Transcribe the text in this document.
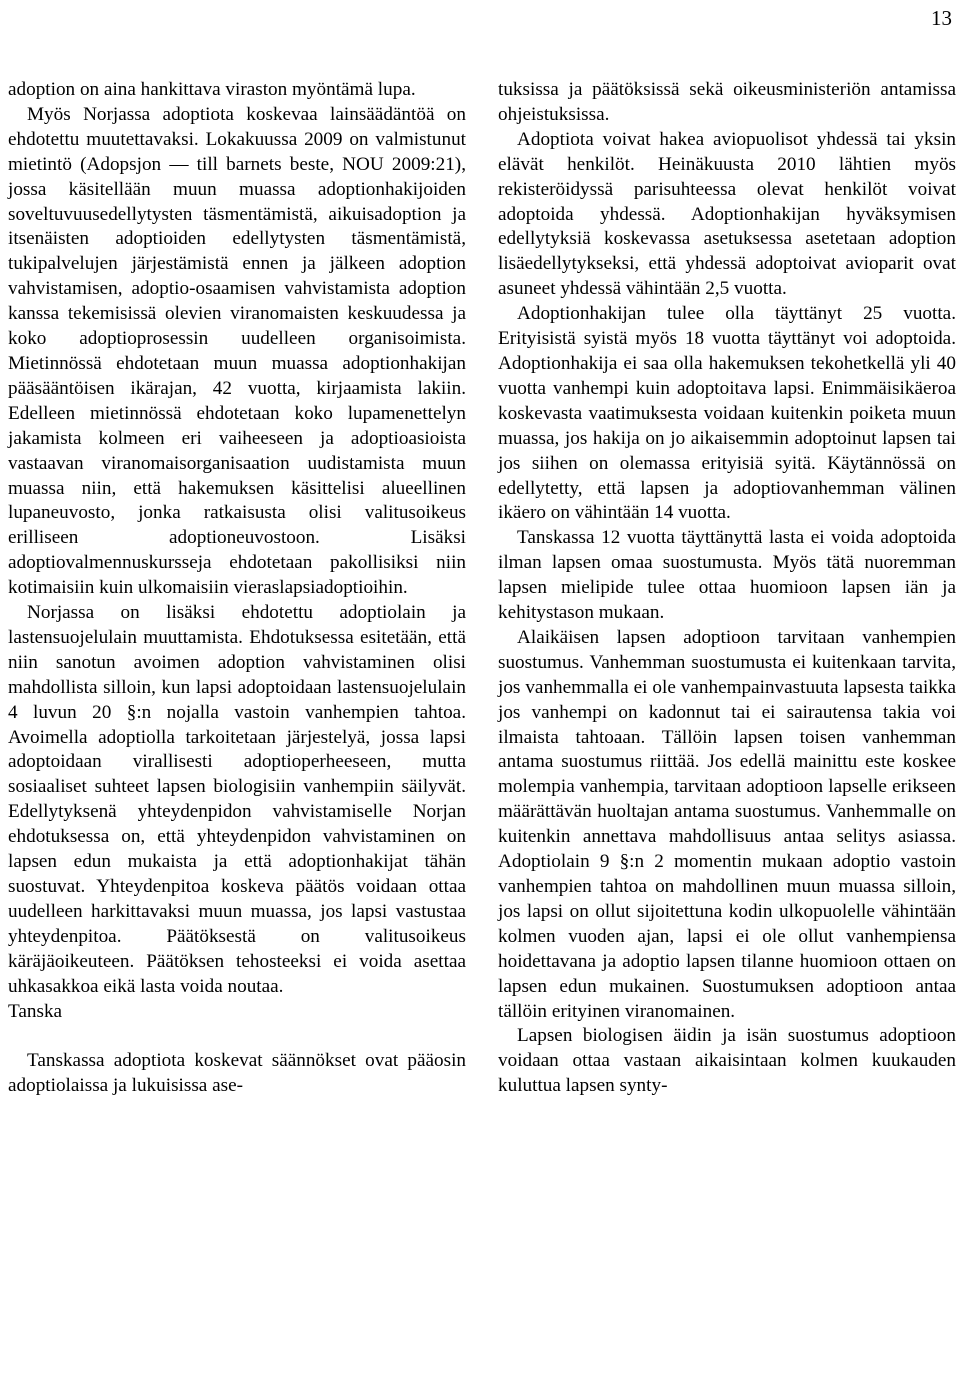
13

adoption on aina hankittava viraston myöntämä lupa.

Myös Norjassa adoptiota koskevaa lainsäädäntöä on ehdotettu muutettavaksi. Lokakuussa 2009 on valmistunut mietintö (Adopsjon — till barnets beste, NOU 2009:21), jossa käsitellään muun muassa adoptionhakijoiden soveltuvuusedellytysten täsmentämistä, aikuisadoption ja itsenäisten adoptioiden edellytysten täsmentämistä, tukipalvelujen järjestämistä ennen ja jälkeen adoption vahvistamisen, adoptio-osaamisen vahvistamista adoption kanssa tekemisissä olevien viranomaisten keskuudessa ja koko adoptioprosessin uudelleen organisoimista. Mietinnössä ehdotetaan muun muassa adoptionhakijan pääsääntöisen ikärajan, 42 vuotta, kirjaamista lakiin. Edelleen mietinnössä ehdotetaan koko lupamenettelyn jakamista kolmeen eri vaiheeseen ja adoptioasioista vastaavan viranomaisorganisaation uudistamista muun muassa niin, että hakemuksen käsittelisi alueellinen lupaneuvosto, jonka ratkaisusta olisi valitusoikeus erilliseen adoptioneuvostoon. Lisäksi adoptiovalmennuskursseja ehdotetaan pakollisiksi niin kotimaisiin kuin ulkomaisiin vieraslapsiadoptioihin.

Norjassa on lisäksi ehdotettu adoptiolain ja lastensuojelulain muuttamista. Ehdotuksessa esitetään, että niin sanotun avoimen adoption vahvistaminen olisi mahdollista silloin, kun lapsi adoptoidaan lastensuojelulain 4 luvun 20 §:n nojalla vastoin vanhempien tahtoa. Avoimella adoptiolla tarkoitetaan järjestelyä, jossa lapsi adoptoidaan virallisesti adoptioperheeseen, mutta sosiaaliset suhteet lapsen biologisiin vanhempiin säilyvät. Edellytyksenä yhteydenpidon vahvistamiselle Norjan ehdotuksessa on, että yhteydenpidon vahvistaminen on lapsen edun mukaista ja että adoptionhakijat tähän suostuvat. Yhteydenpitoa koskeva päätös voidaan ottaa uudelleen harkittavaksi muun muassa, jos lapsi vastustaa yhteydenpitoa. Päätöksestä on valitusoikeus käräjäoikeuteen. Päätöksen tehosteeksi ei voida asettaa uhkasakkoa eikä lasta voida noutaa.

Tanska

Tanskassa adoptiota koskevat säännökset ovat pääosin adoptiolaissa ja lukuisissa ase-

tuksissa ja päätöksissä sekä oikeusministeriön antamissa ohjeistuksissa.

Adoptiota voivat hakea aviopuolisot yhdessä tai yksin elävät henkilöt. Heinäkuusta 2010 lähtien myös rekisteröidyssä parisuhteessa olevat henkilöt voivat adoptoida yhdessä. Adoptionhakijan hyväksymisen edellytyksiä koskevassa asetuksessa asetetaan adoption lisäedellytykseksi, että yhdessä adoptoivat avioparit ovat asuneet yhdessä vähintään 2,5 vuotta.

Adoptionhakijan tulee olla täyttänyt 25 vuotta. Erityisistä syistä myös 18 vuotta täyttänyt voi adoptoida. Adoptionhakija ei saa olla hakemuksen tekohetkellä yli 40 vuotta vanhempi kuin adoptoitava lapsi. Enimmäisikäeroa koskevasta vaatimuksesta voidaan kuitenkin poiketa muun muassa, jos hakija on jo aikaisemmin adoptoinut lapsen tai jos siihen on olemassa erityisiä syitä. Käytännössä on edellytetty, että lapsen ja adoptiovanhemman välinen ikäero on vähintään 14 vuotta.

Tanskassa 12 vuotta täyttänyttä lasta ei voida adoptoida ilman lapsen omaa suostumusta. Myös tätä nuoremman lapsen mielipide tulee ottaa huomioon lapsen iän ja kehitystason mukaan.

Alaikäisen lapsen adoptioon tarvitaan vanhempien suostumus. Vanhemman suostumusta ei kuitenkaan tarvita, jos vanhemmalla ei ole vanhempainvastuuta lapsesta taikka jos vanhempi on kadonnut tai ei sairautensa takia voi ilmaista tahtoaan. Tällöin lapsen toisen vanhemman antama suostumus riittää. Jos edellä mainittu este koskee molempia vanhempia, tarvitaan adoptioon lapselle erikseen määrättävän huoltajan antama suostumus. Vanhemmalle on kuitenkin annettava mahdollisuus antaa selitys asiassa. Adoptiolain 9 §:n 2 momentin mukaan adoptio vastoin vanhempien tahtoa on mahdollinen muun muassa silloin, jos lapsi on ollut sijoitettuna kodin ulkopuolelle vähintään kolmen vuoden ajan, lapsi ei ole ollut vanhempiensa hoidettavana ja adoptio lapsen tilanne huomioon ottaen on lapsen edun mukainen. Suostumuksen adoptioon antaa tällöin erityinen viranomainen.

Lapsen biologisen äidin ja isän suostumus adoptioon voidaan ottaa vastaan aikaisintaan kolmen kuukauden kuluttua lapsen synty-
